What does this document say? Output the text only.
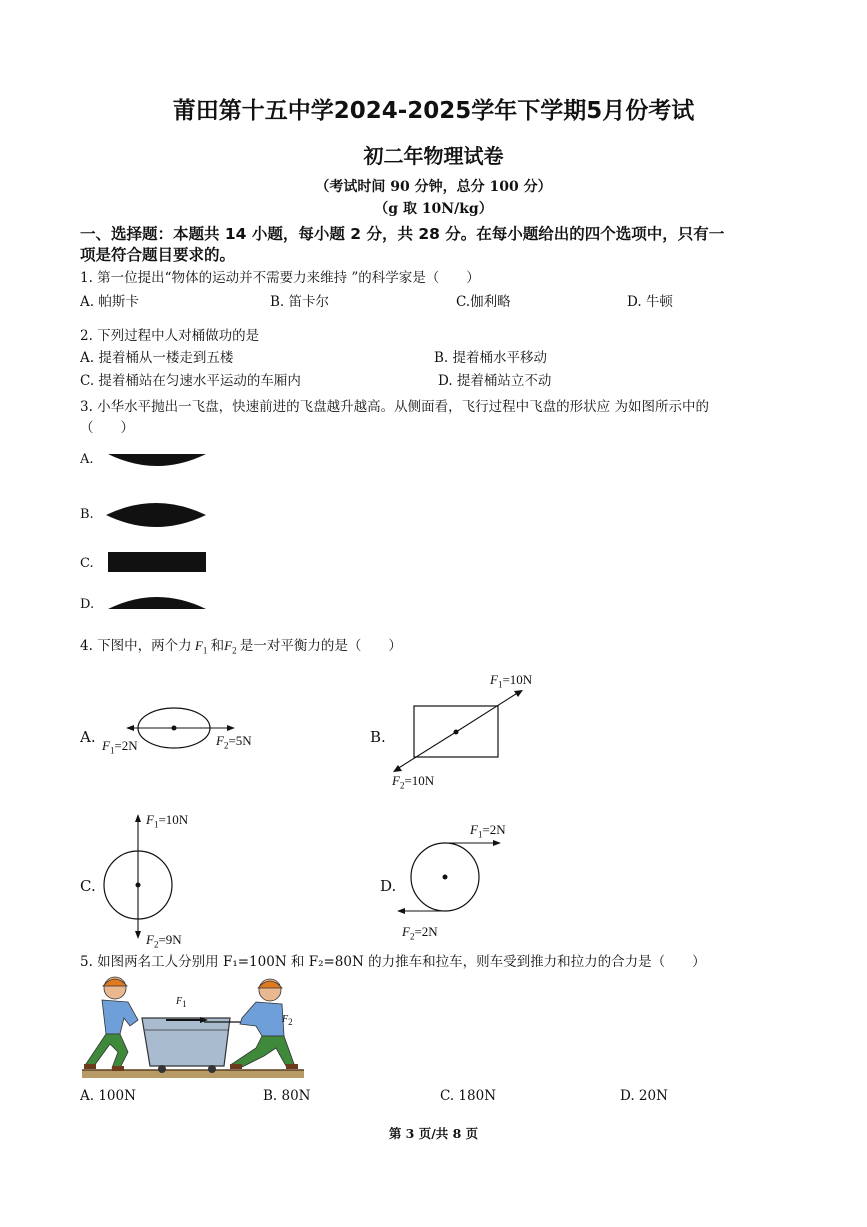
莆田第十五中学2024-2025学年下学期5月份考试
初二年物理试卷
（考试时间 90 分钟，总分 100 分）
（g 取 10N/kg）
一、选择题：本题共 14 小题，每小题 2 分，共 28 分。在每小题给出的四个选项中，只有一
项是符合题目要求的。
1. 第一位提出“物体的运动并不需要力来维持 ”的科学家是（　　）
A. 帕斯卡	B. 笛卡尔	C.伽利略	D. 牛顿
2. 下列过程中人对桶做功的是
A. 提着桶从一楼走到五楼	B. 提着桶水平移动
C. 提着桶站在匀速水平运动的车厢内	D. 提着桶站立不动
3. 小华水平抛出一飞盘，快速前进的飞盘越升越高。从侧面看，飞行过程中飞盘的形状应 为如图所示中的
（　　）
A.
B.
C.
D.
4. 下图中，两个力 $F_1$ 和$F_2$ 是一对平衡力的是（　　）
A. $F_1=2N$	$F_2=5N$	B.
$F_1=10N$
$F_2=10N$
C.
$F_1=10N$
$F_2=9N$
D.
$F_1=2N$
$F_2=2N$
5. 如图两名工人分别用 F₁=100N 和 F₂=80N 的力推车和拉车，则车受到推力和拉力的合力是（　　）
$F_1$
$F_2$
A. 100N	B. 80N	C. 180N	D. 20N
第 3 页/共 8 页
